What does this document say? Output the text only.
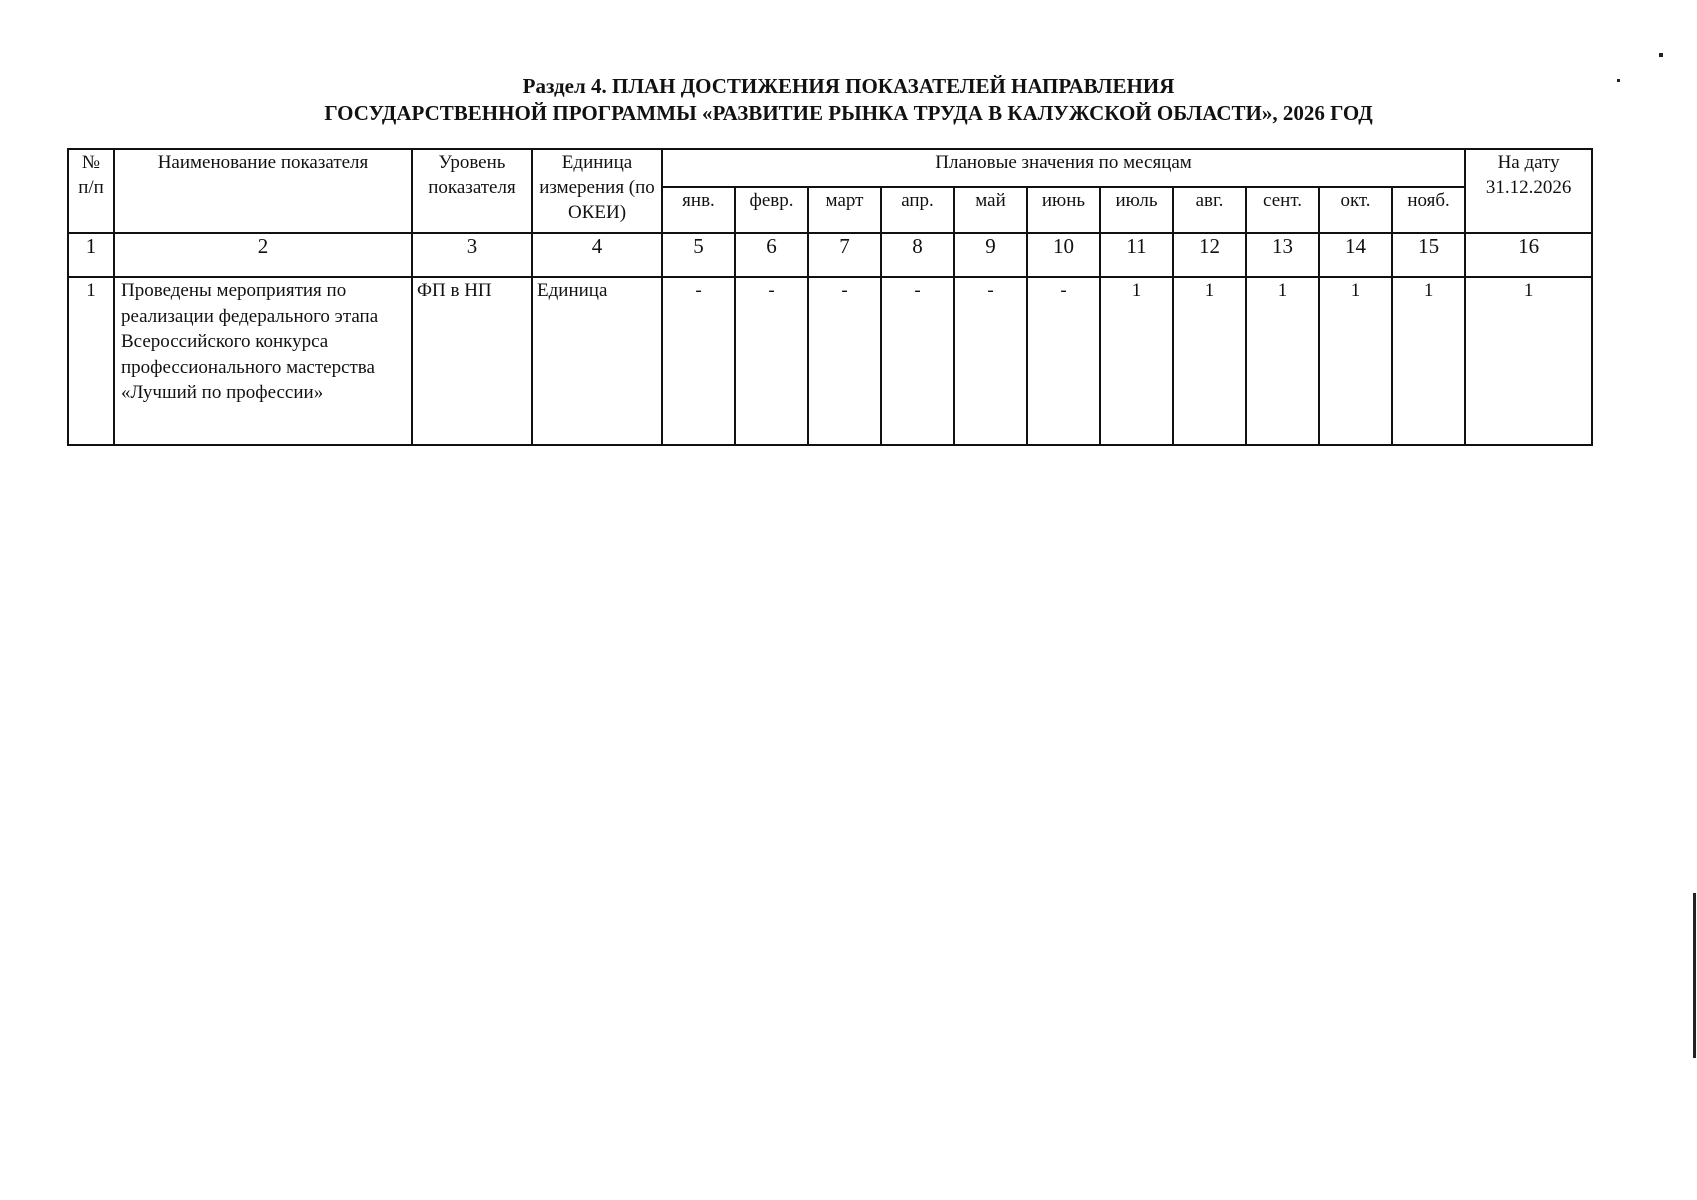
Раздел 4. ПЛАН ДОСТИЖЕНИЯ ПОКАЗАТЕЛЕЙ НАПРАВЛЕНИЯ
ГОСУДАРСТВЕННОЙ ПРОГРАММЫ «РАЗВИТИЕ РЫНКА ТРУДА В КАЛУЖСКОЙ ОБЛАСТИ», 2026 ГОД
№ п/п	Наименование показателя	Уровень показателя	Единица измерения (по ОКЕИ)	Плановые значения по месяцам											На дату 31.12.2026
				янв.	февр.	март	апр.	май	июнь	июль	авг.	сент.	окт.	нояб.	
1	2	3	4	5	6	7	8	9	10	11	12	13	14	15	16
1	Проведены мероприятия по реализации федерального этапа Всероссийского конкурса профессионального мастерства «Лучший по профессии»	ФП в НП	Единица	-	-	-	-	-	-	1	1	1	1	1	1
